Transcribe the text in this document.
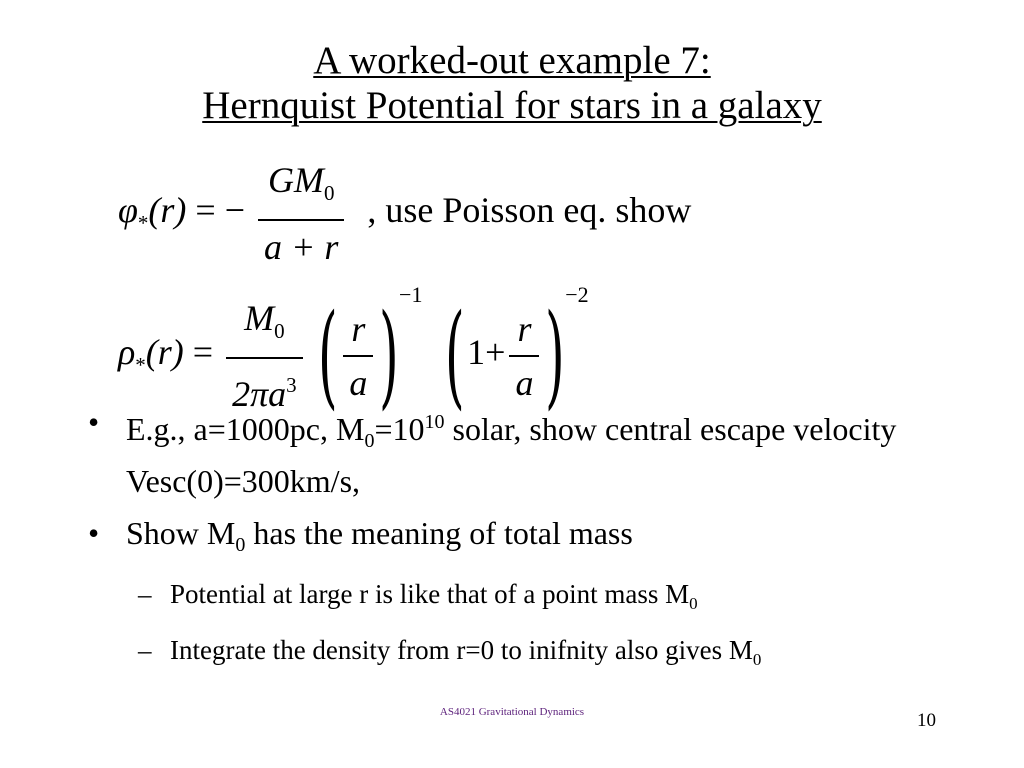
A worked-out example 7:
Hernquist Potential for stars in a galaxy
$\varphi_*(r)$ = − $\frac{GM_0}{a + r}$ , use Poisson eq. show
$\rho_*(r) = \frac{M_0}{2\pi a^3}$ ( $\frac{r}{a} )-1$ $(1+ \frac{r}{a} )-2$
• E.g., a=1000pc, $M_0=10^{10}$ solar, show central escape velocity Vesc(0)=300km/s,
• Show $M_0$ has the meaning of total mass
– Potential at large r is like that of a point mass $M_0$
– Integrate the density from r=0 to inifnity also gives $M_0$
AS4021 Gravitational Dynamics	10
